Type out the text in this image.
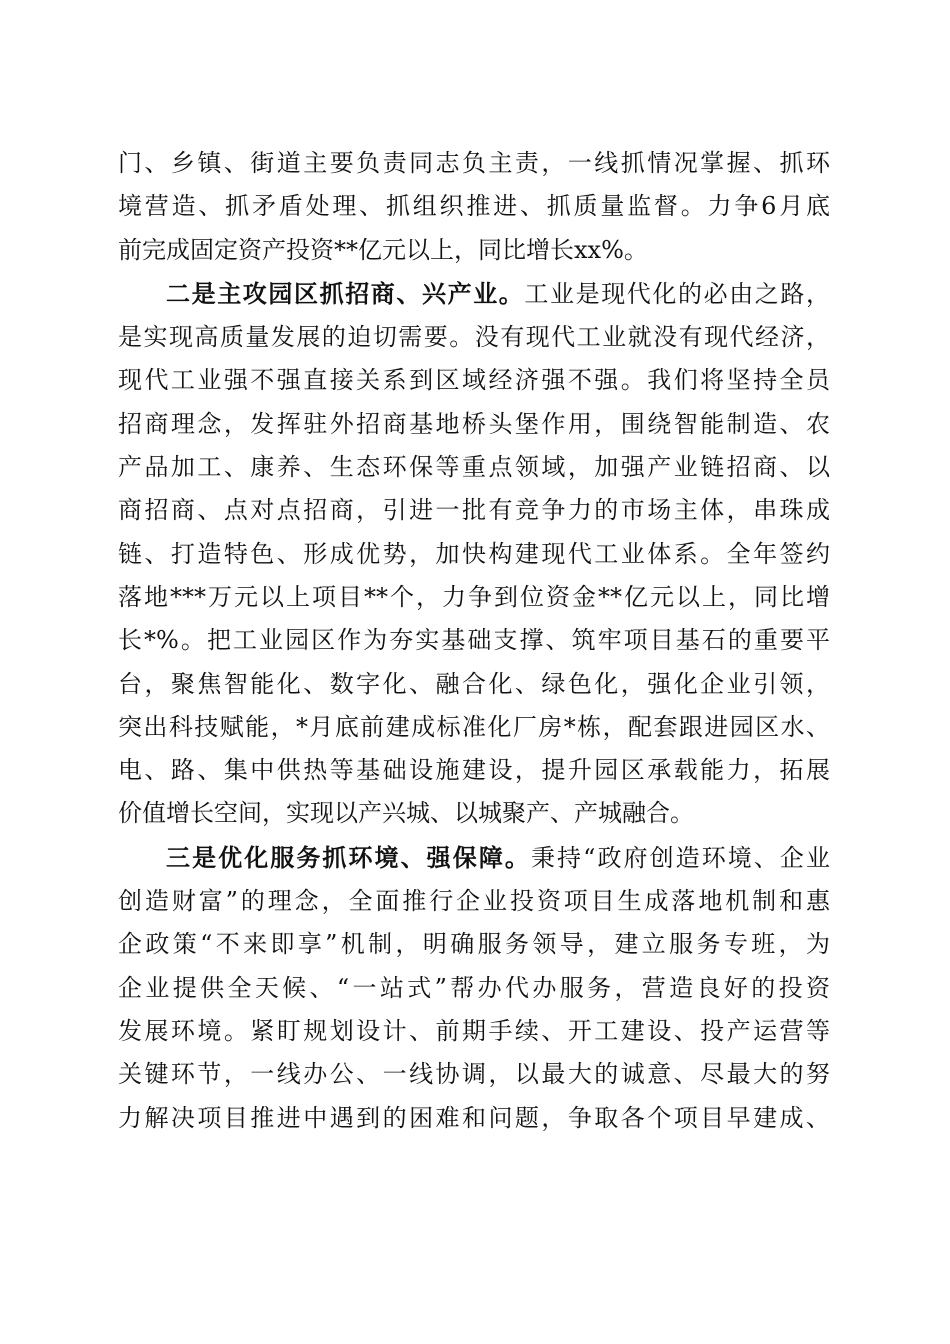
门、乡镇、街道主要负责同志负主责，一线抓情况掌握、抓环
境营造、抓矛盾处理、抓组织推进、抓质量监督。力争6月底
前完成固定资产投资**亿元以上，同比增长xx%。

二是主攻园区抓招商、兴产业。工业是现代化的必由之路，
是实现高质量发展的迫切需要。没有现代工业就没有现代经济，
现代工业强不强直接关系到区域经济强不强。我们将坚持全员
招商理念，发挥驻外招商基地桥头堡作用，围绕智能制造、农
产品加工、康养、生态环保等重点领域，加强产业链招商、以
商招商、点对点招商，引进一批有竞争力的市场主体，串珠成
链、打造特色、形成优势，加快构建现代工业体系。全年签约
落地***万元以上项目**个，力争到位资金**亿元以上，同比增
长*%。把工业园区作为夯实基础支撑、筑牢项目基石的重要平
台，聚焦智能化、数字化、融合化、绿色化，强化企业引领，
突出科技赋能，*月底前建成标准化厂房*栋，配套跟进园区水、
电、路、集中供热等基础设施建设，提升园区承载能力，拓展
价值增长空间，实现以产兴城、以城聚产、产城融合。

三是优化服务抓环境、强保障。秉持“政府创造环境、企业
创造财富”的理念，全面推行企业投资项目生成落地机制和惠
企政策“不来即享”机制，明确服务领导，建立服务专班，为
企业提供全天候、“一站式”帮办代办服务，营造良好的投资
发展环境。紧盯规划设计、前期手续、开工建设、投产运营等
关键环节，一线办公、一线协调，以最大的诚意、尽最大的努
力解决项目推进中遇到的困难和问题，争取各个项目早建成、
